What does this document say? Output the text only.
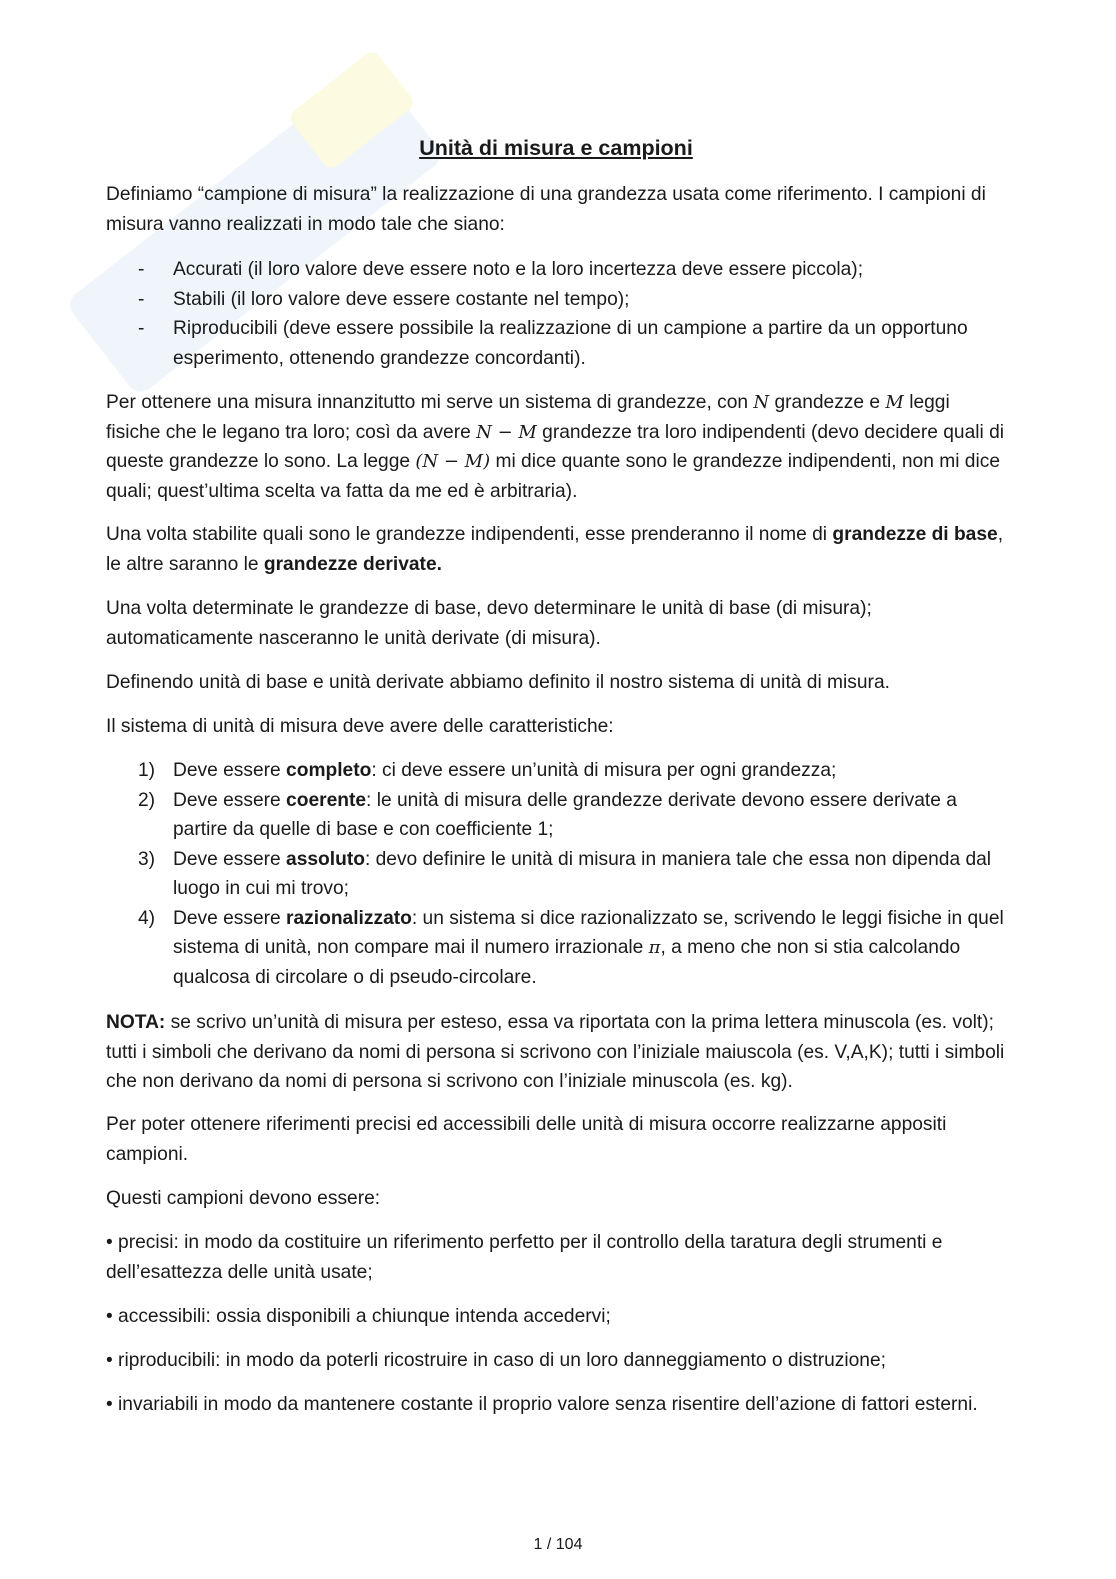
Unità di misura e campioni

Definiamo “campione di misura” la realizzazione di una grandezza usata come riferimento. I campioni di misura vanno realizzati in modo tale che siano:

- Accurati (il loro valore deve essere noto e la loro incertezza deve essere piccola);
- Stabili (il loro valore deve essere costante nel tempo);
- Riproducibili (deve essere possibile la realizzazione di un campione a partire da un opportuno esperimento, ottenendo grandezze concordanti).

Per ottenere una misura innanzitutto mi serve un sistema di grandezze, con N grandezze e M leggi fisiche che le legano tra loro; così da avere N − M grandezze tra loro indipendenti (devo decidere quali di queste grandezze lo sono. La legge (N − M) mi dice quante sono le grandezze indipendenti, non mi dice quali; quest’ultima scelta va fatta da me ed è arbitraria).

Una volta stabilite quali sono le grandezze indipendenti, esse prenderanno il nome di grandezze di base, le altre saranno le grandezze derivate.

Una volta determinate le grandezze di base, devo determinare le unità di base (di misura); automaticamente nasceranno le unità derivate (di misura).

Definendo unità di base e unità derivate abbiamo definito il nostro sistema di unità di misura.

Il sistema di unità di misura deve avere delle caratteristiche:

1) Deve essere completo: ci deve essere un’unità di misura per ogni grandezza;
2) Deve essere coerente: le unità di misura delle grandezze derivate devono essere derivate a partire da quelle di base e con coefficiente 1;
3) Deve essere assoluto: devo definire le unità di misura in maniera tale che essa non dipenda dal luogo in cui mi trovo;
4) Deve essere razionalizzato: un sistema si dice razionalizzato se, scrivendo le leggi fisiche in quel sistema di unità, non compare mai il numero irrazionale π, a meno che non si stia calcolando qualcosa di circolare o di pseudo-circolare.

NOTA: se scrivo un’unità di misura per esteso, essa va riportata con la prima lettera minuscola (es. volt); tutti i simboli che derivano da nomi di persona si scrivono con l’iniziale maiuscola (es. V,A,K); tutti i simboli che non derivano da nomi di persona si scrivono con l’iniziale minuscola (es. kg).

Per poter ottenere riferimenti precisi ed accessibili delle unità di misura occorre realizzarne appositi campioni.

Questi campioni devono essere:

• precisi: in modo da costituire un riferimento perfetto per il controllo della taratura degli strumenti e dell’esattezza delle unità usate;

• accessibili: ossia disponibili a chiunque intenda accedervi;

• riproducibili: in modo da poterli ricostruire in caso di un loro danneggiamento o distruzione;

• invariabili in modo da mantenere costante il proprio valore senza risentire dell’azione di fattori esterni.

1 / 104
